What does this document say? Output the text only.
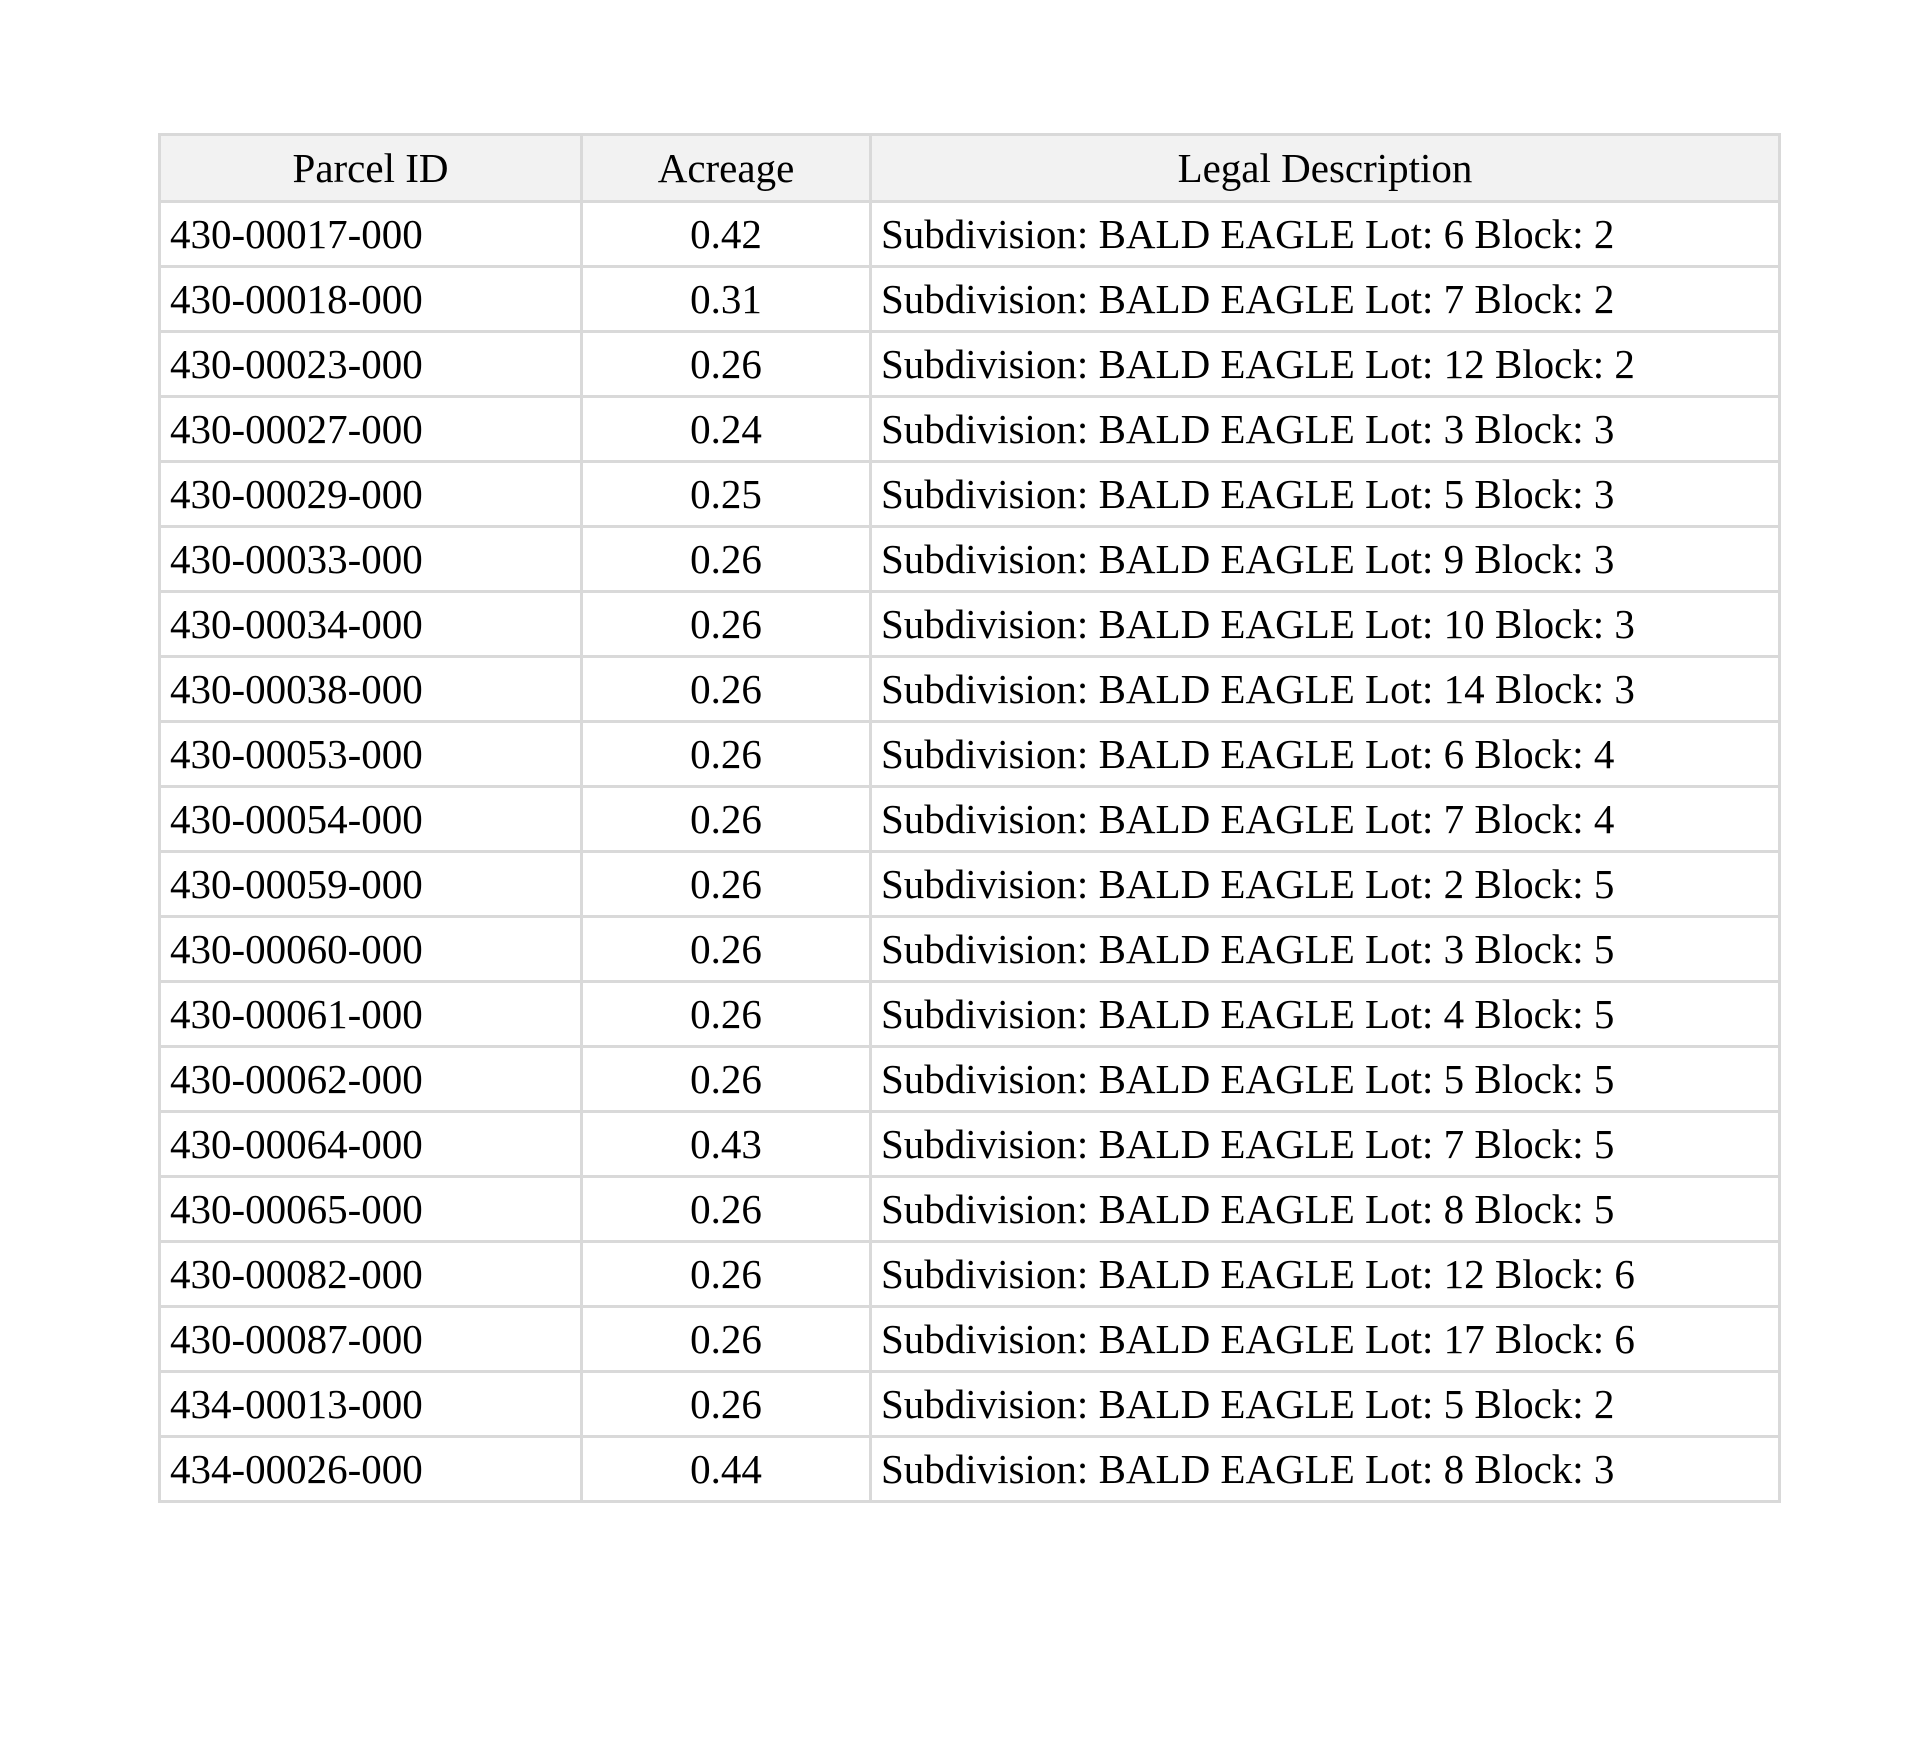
Parcel ID	Acreage	Legal Description
430-00017-000	0.42	Subdivision: BALD EAGLE Lot: 6 Block: 2
430-00018-000	0.31	Subdivision: BALD EAGLE Lot: 7 Block: 2
430-00023-000	0.26	Subdivision: BALD EAGLE Lot: 12 Block: 2
430-00027-000	0.24	Subdivision: BALD EAGLE Lot: 3 Block: 3
430-00029-000	0.25	Subdivision: BALD EAGLE Lot: 5 Block: 3
430-00033-000	0.26	Subdivision: BALD EAGLE Lot: 9 Block: 3
430-00034-000	0.26	Subdivision: BALD EAGLE Lot: 10 Block: 3
430-00038-000	0.26	Subdivision: BALD EAGLE Lot: 14 Block: 3
430-00053-000	0.26	Subdivision: BALD EAGLE Lot: 6 Block: 4
430-00054-000	0.26	Subdivision: BALD EAGLE Lot: 7 Block: 4
430-00059-000	0.26	Subdivision: BALD EAGLE Lot: 2 Block: 5
430-00060-000	0.26	Subdivision: BALD EAGLE Lot: 3 Block: 5
430-00061-000	0.26	Subdivision: BALD EAGLE Lot: 4 Block: 5
430-00062-000	0.26	Subdivision: BALD EAGLE Lot: 5 Block: 5
430-00064-000	0.43	Subdivision: BALD EAGLE Lot: 7 Block: 5
430-00065-000	0.26	Subdivision: BALD EAGLE Lot: 8 Block: 5
430-00082-000	0.26	Subdivision: BALD EAGLE Lot: 12 Block: 6
430-00087-000	0.26	Subdivision: BALD EAGLE Lot: 17 Block: 6
434-00013-000	0.26	Subdivision: BALD EAGLE Lot: 5 Block: 2
434-00026-000	0.44	Subdivision: BALD EAGLE Lot: 8 Block: 3
